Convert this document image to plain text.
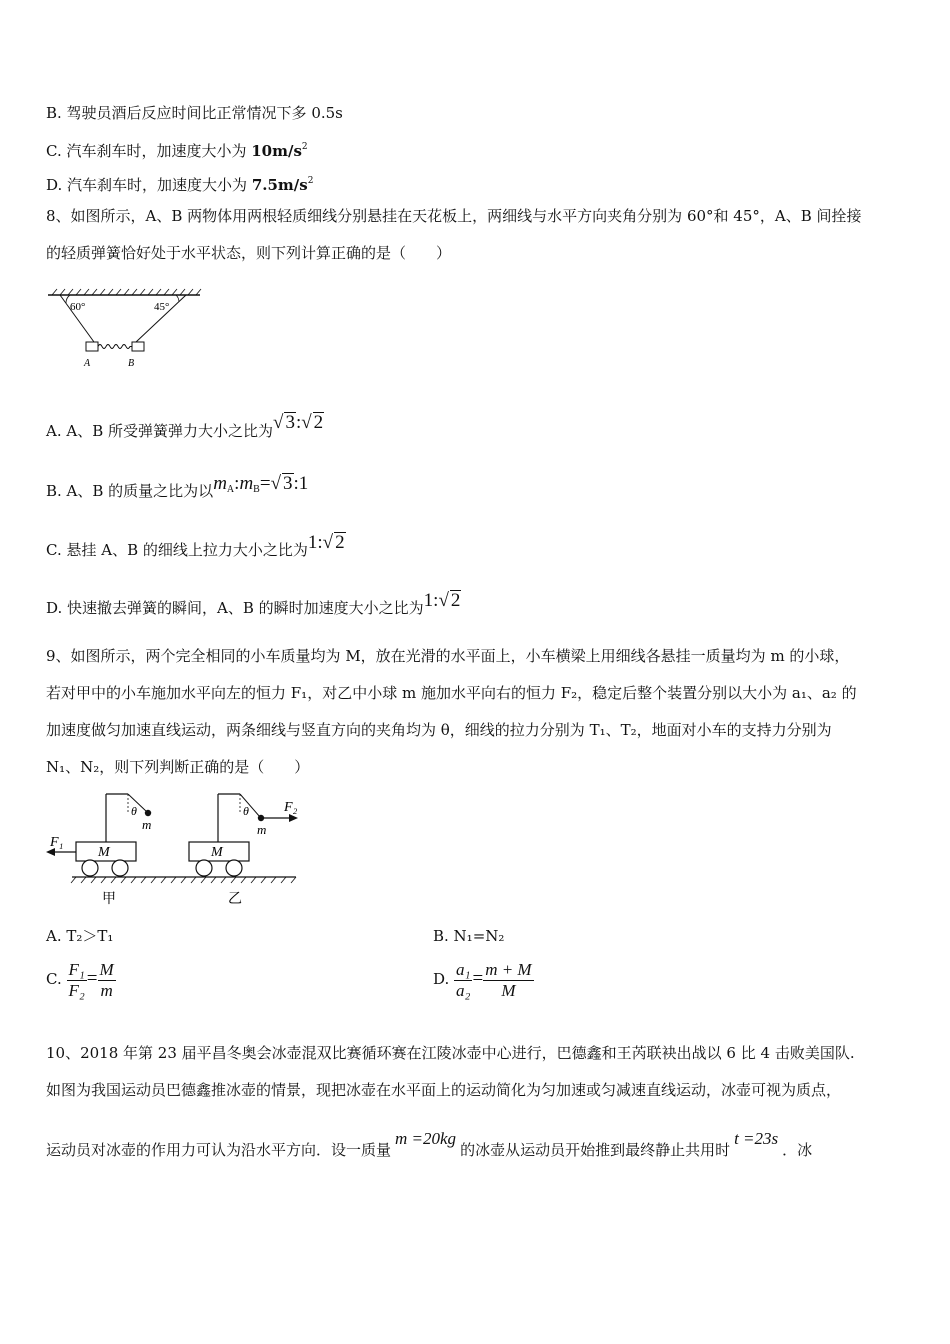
B. 驾驶员酒后反应时间比正常情况下多 0.5s
C. 汽车刹车时，加速度大小为 $10m/s^2$
D. 汽车刹车时，加速度大小为 $7.5m/s^2$
8、如图所示，A、B 两物体用两根轻质细线分别悬挂在天花板上，两细线与水平方向夹角分别为 60°和 45°，A、B 间拴接
的轻质弹簧恰好处于水平状态，则下列计算正确的是（　　）
60°	45°
A	B
A. A、B 所受弹簧弹力大小之比为√ 3:√ 2
B. A、B 的质量之比为以$m_A:m_B=√$ 3:1
C. 悬挂 A、B 的细线上拉力大小之比为1:√ 2
D. 快速撤去弹簧的瞬间，A、B 的瞬时加速度大小之比为1:√ 2
9、如图所示，两个完全相同的小车质量均为 M，放在光滑的水平面上，小车横梁上用细线各悬挂一质量均为 m 的小球，
若对甲中的小车施加水平向左的恒力 F₁，对乙中小球 m 施加水平向右的恒力 F₂，稳定后整个装置分别以大小为 a₁、a₂ 的
加速度做匀加速直线运动，两条细线与竖直方向的夹角均为 θ，细线的拉力分别为 T₁、T₂，地面对小车的支持力分别为
N₁、N₂，则下列判断正确的是（　　）
θ
m
M
F₁
甲
θ
m
M
F₂
乙
A. T₂＞T₁	B. N₁=N₂
C. $\frac{\text{F₁}}{\text{F₂}} = \frac{M}{m}$	D. $\frac{\text{a₁}}{\text{a₂}} = \frac{m + M}{M}$
10、2018 年第 23 届平昌冬奥会冰壶混双比赛循环赛在江陵冰壶中心进行，巴德鑫和王芮联袂出战以 6 比 4 击败美国队.
如图为我国运动员巴德鑫推冰壶的情景，现把冰壶在水平面上的运动简化为匀加速或匀减速直线运动，冰壶可视为质点，
运动员对冰壶的作用力可认为沿水平方向．设一质量m =20kg的冰壶从运动员开始推到最终静止共用时t =23s．冰
